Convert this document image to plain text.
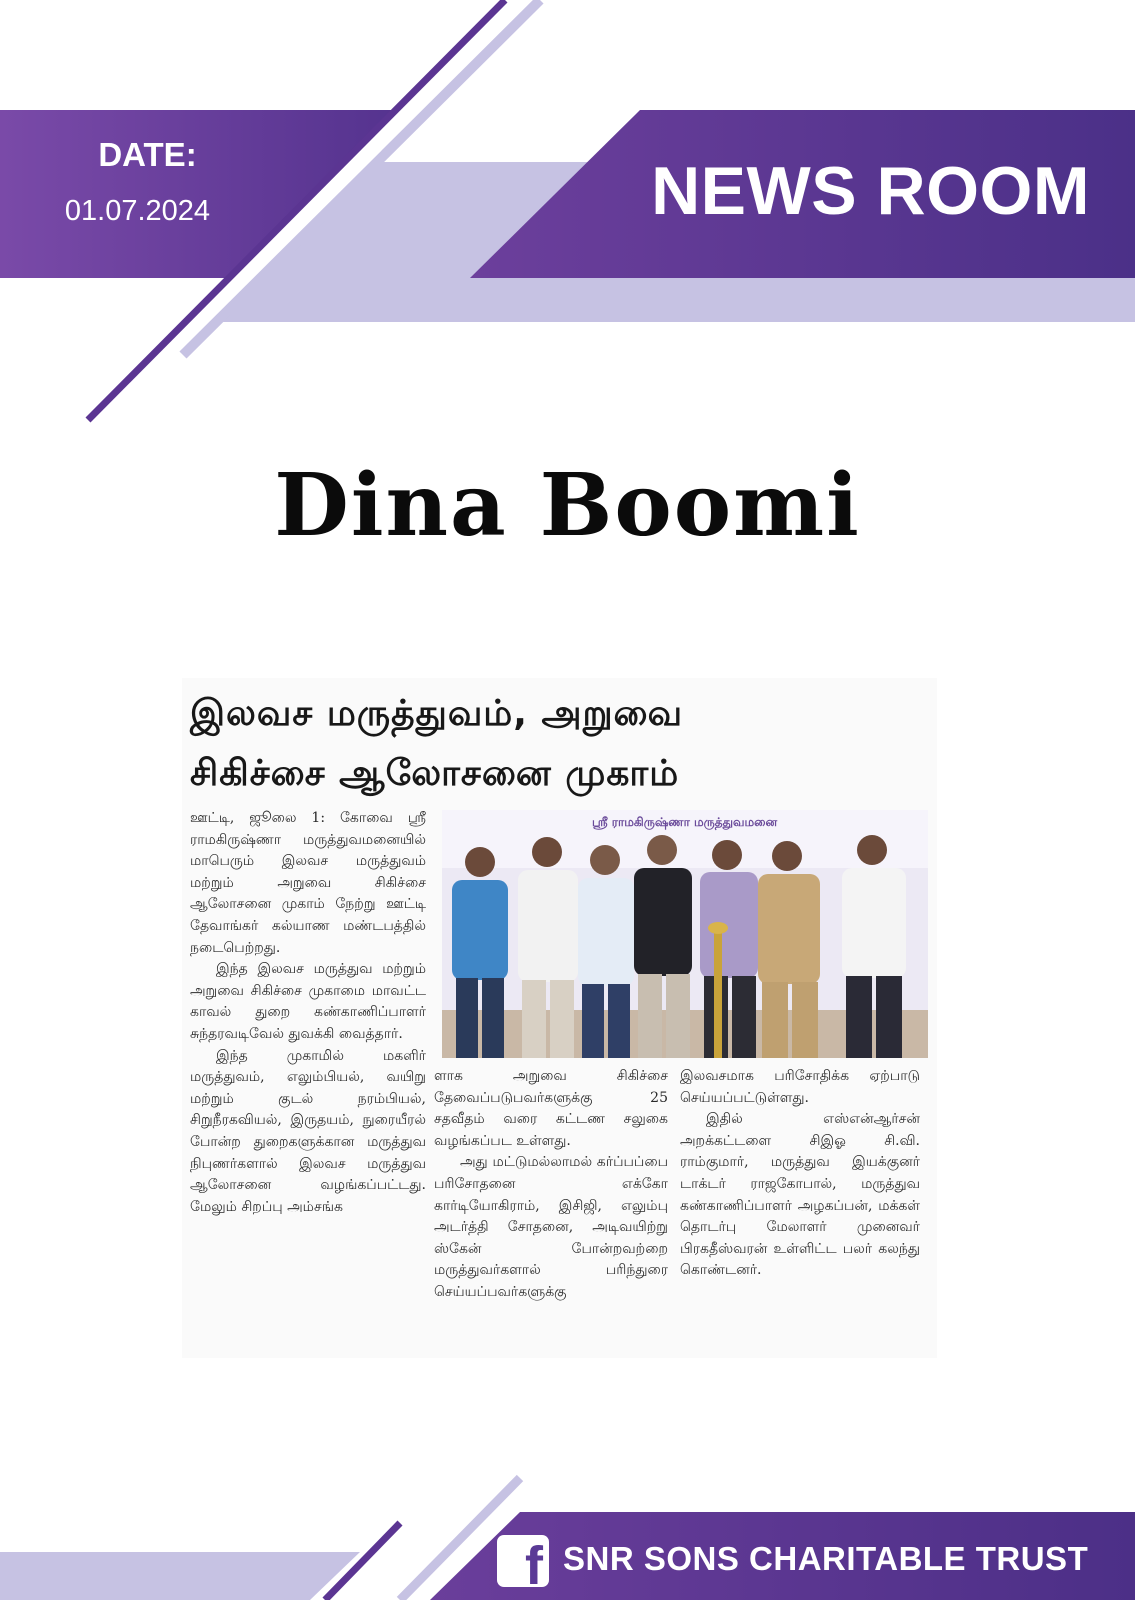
DATE:
01.07.2024	NEWS ROOM
Dina Boomi
இலவச மருத்துவம், அறுவை
சிகிச்சை ஆலோசனை முகாம்

ஊட்டி, ஜூலை 1: கோவை ஸ்ரீ ராமகிருஷ்ணா மருத்துவமனையில் மாபெரும் இலவச மருத்துவம் மற்றும் அறுவை சிகிச்சை ஆலோசனை முகாம் நேற்று ஊட்டி தேவாங்கர் கல்யாண மண்டபத்தில் நடைபெற்றது.

இந்த இலவச மருத்துவ மற்றும் அறுவை சிகிச்சை முகாமை மாவட்ட காவல் துறை கண்காணிப்பாளர் சுந்தரவடிவேல் துவக்கி வைத்தார்.

இந்த முகாமில் மகளிர் மருத்துவம், எலும்பியல், வயிறு மற்றும் குடல் நரம்பியல், சிறுநீரகவியல், இருதயம், நுரையீரல் போன்ற துறைகளுக்கான மருத்துவ நிபுணர்களால் இலவச மருத்துவ ஆலோசனை வழங்கப்பட்டது. மேலும் சிறப்பு அம்சங்க

ஸ்ரீ ராமகிருஷ்ணா மருத்துவமனை

ளாக அறுவை சிகிச்சை தேவைப்படுபவர்களுக்கு 25 சதவீதம் வரை கட்டண சலுகை வழங்கப்பட உள்ளது.

அது மட்டுமல்லாமல் கர்ப்பப்பை பரிசோதனை எக்கோ கார்டியோகிராம், இசிஜி, எலும்பு அடர்த்தி சோதனை, அடிவயிற்று ஸ்கேன் போன்றவற்றை மருத்துவர்களால் பரிந்துரை செய்யப்பவர்களுக்கு

இலவசமாக பரிசோதிக்க ஏற்பாடு செய்யப்பட்டுள்ளது.

இதில் எஸ்என்ஆர்சன் அறக்கட்டளை சிஇஓ சி.வி. ராம்குமார், மருத்துவ இயக்குனர் டாக்டர் ராஜகோபால், மருத்துவ கண்காணிப்பாளர் அழகப்பன், மக்கள் தொடர்பு மேலாளர் முனைவர் பிரகதீஸ்வரன் உள்ளிட்ட பலர் கலந்து கொண்டனர்.

f SNR SONS CHARITABLE TRUST
